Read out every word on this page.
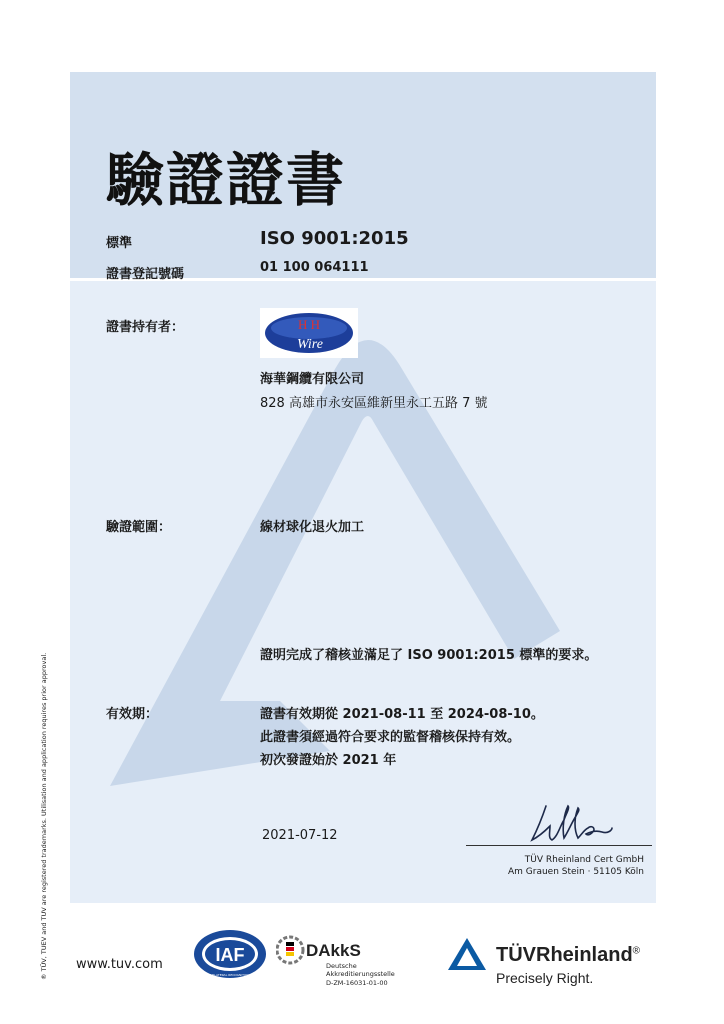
驗證證書
標準	ISO 9001:2015
證書登記號碼	01 100 064111
證書持有者：	H H
Wire
海華鋼纜有限公司
828 高雄市永安區維新里永工五路 7 號
驗證範圍：	線材球化退火加工
證明完成了稽核並滿足了 ISO 9001:2015 標準的要求。
有效期：	證書有效期從 2021-08-11 至 2024-08-10。
此證書須經過符合要求的監督稽核保持有效。
初次發證始於 2021 年
2021-07-12
TÜV Rheinland Cert GmbH
Am Grauen Stein · 51105 Köln
® TÜV, TUEV and TUV are registered trademarks. Utilisation and application requires prior approval. www.tuv.com	IAF
MEMBER OF MULTILATERAL RECOGNITION ARRANGEMENT
DAkkS
Deutsche
Akkreditierungsstelle
D-ZM-16031-01-00
TÜVRheinland®
Precisely Right.
